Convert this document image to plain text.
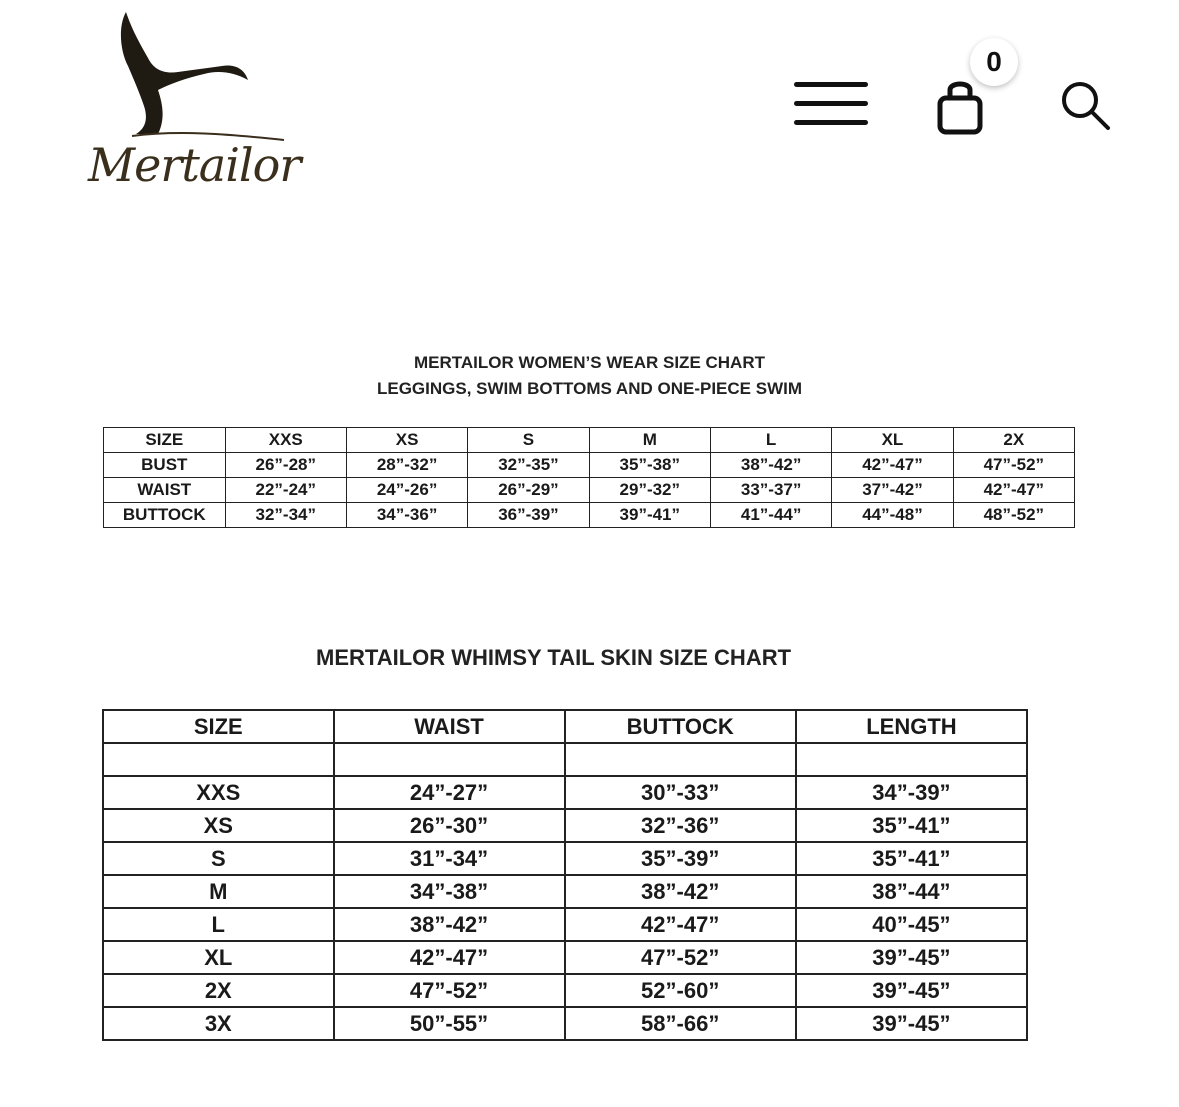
Mertailor
0
MERTAILOR WOMEN’S WEAR SIZE CHART
LEGGINGS, SWIM BOTTOMS AND ONE-PIECE SWIM
SIZE	XXS	XS	S	M	L	XL	2X
BUST	26”-28”	28”-32”	32”-35”	35”-38”	38”-42”	42”-47”	47”-52”
WAIST	22”-24”	24”-26”	26”-29”	29”-32”	33”-37”	37”-42”	42”-47”
BUTTOCK	32”-34”	34”-36”	36”-39”	39”-41”	41”-44”	44”-48”	48”-52”
MERTAILOR WHIMSY TAIL SKIN SIZE CHART
SIZE	WAIST	BUTTOCK	LENGTH

XXS	24”-27”	30”-33”	34”-39”
XS	26”-30”	32”-36”	35”-41”
S	31”-34”	35”-39”	35”-41”
M	34”-38”	38”-42”	38”-44”
L	38”-42”	42”-47”	40”-45”
XL	42”-47”	47”-52”	39”-45”
2X	47”-52”	52”-60”	39”-45”
3X	50”-55”	58”-66”	39”-45”
